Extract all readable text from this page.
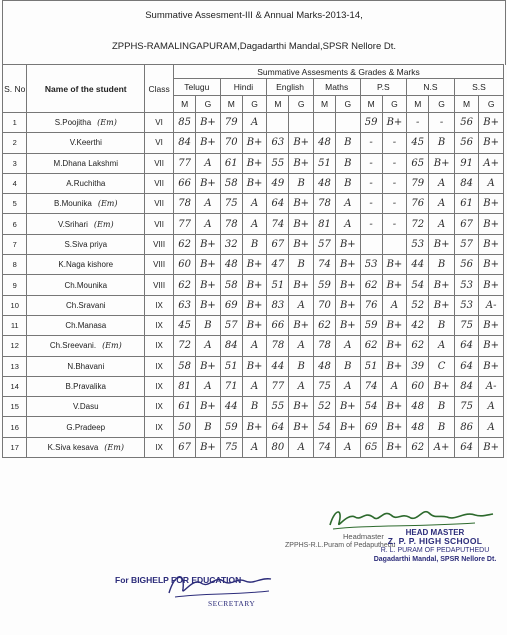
Summative Assesment-III & Annual Marks-2013-14,
ZPPHS-RAMALINGAPURAM,Dagadarthi Mandal,SPSR Nellore Dt.
S. No	Name of the student	Class	Summative Assesments & Grades & Marks													
			Telugu		Hindi		English		Maths		P.S		N.S		S.S	
			M	G	M	G	M	G	M	G	M	G	M	G	M	G
1	S.Poojitha (Em)	VI	85	B+	79	A					59	B+	-	-	56	B+
2	V.Keerthi	VI	84	B+	70	B+	63	B+	48	B	-	-	45	B	56	B+
3	M.Dhana Lakshmi	VII	77	A	61	B+	55	B+	51	B	-	-	65	B+	91	A+
4	A.Ruchitha	VII	66	B+	58	B+	49	B	48	B	-	-	79	A	84	A
5	B.Mounika (Em)	VII	78	A	75	A	64	B+	78	A	-	-	76	A	61	B+
6	V.Srihari (Em)	VII	77	A	78	A	74	B+	81	A	-	-	72	A	67	B+
7	S.Siva priya	VIII	62	B+	32	B	67	B+	57	B+			53	B+	57	B+
8	K.Naga kishore	VIII	60	B+	48	B+	47	B	74	B+	53	B+	44	B	56	B+
9	Ch.Mounika	VIII	62	B+	58	B+	51	B+	59	B+	62	B+	54	B+	53	B+
10	Ch.Sravani	IX	63	B+	69	B+	83	A	70	B+	76	A	52	B+	53	A-
11	Ch.Manasa	IX	45	B	57	B+	66	B+	62	B+	59	B+	42	B	75	B+
12	Ch.Sreevani. (Em)	IX	72	A	84	A	78	A	78	A	62	B+	62	A	64	B+
13	N.Bhavani	IX	58	B+	51	B+	44	B	48	B	51	B+	39	C	64	B+
14	B.Pravalika	IX	81	A	71	A	77	A	75	A	74	A	60	B+	84	A-
15	V.Dasu	IX	61	B+	44	B	55	B+	52	B+	54	B+	48	B	75	A
16	G.Pradeep	IX	50	B	59	B+	64	B+	54	B+	69	B+	48	B	86	A
17	K.Siva kesava (Em)	IX	67	B+	75	A	80	A	74	A	65	B+	62	A+	64	B+
Headmaster
ZPPHS-R.L.Puram of Pedaputhedu
HEAD MASTER
Z. P. P. HIGH SCHOOL
R. L. PURAM OF PEDAPUTHEDU
Dagadarthi Mandal, SPSR Nellore Dt.
For BIGHELP FOR EDUCATION
SECRETARY
